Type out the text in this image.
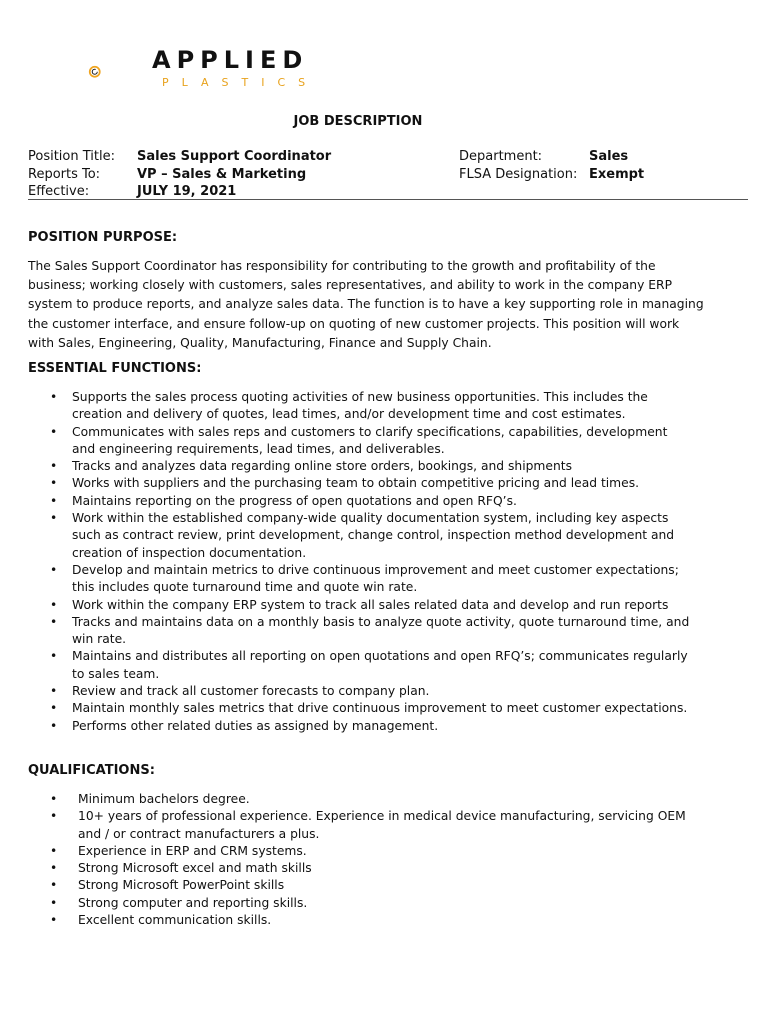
APPLIED
PLASTICS
JOB DESCRIPTION
Position Title:
Reports To:
Effective:
Sales Support Coordinator
VP – Sales & Marketing
JULY 19, 2021
Department:
FLSA Designation:
Sales
Exempt
POSITION PURPOSE:
The Sales Support Coordinator has responsibility for contributing to the growth and profitability of the business; working closely with customers, sales representatives, and ability to work in the company ERP system to produce reports, and analyze sales data. The function is to have a key supporting role in managing the customer interface, and ensure follow-up on quoting of new customer projects. This position will work with Sales, Engineering, Quality, Manufacturing, Finance and Supply Chain.
ESSENTIAL FUNCTIONS:
• Supports the sales process quoting activities of new business opportunities. This includes the creation and delivery of quotes, lead times, and/or development time and cost estimates.
• Communicates with sales reps and customers to clarify specifications, capabilities, development and engineering requirements, lead times, and deliverables.
• Tracks and analyzes data regarding online store orders, bookings, and shipments
• Works with suppliers and the purchasing team to obtain competitive pricing and lead times.
• Maintains reporting on the progress of open quotations and open RFQ’s.
• Work within the established company-wide quality documentation system, including key aspects such as contract review, print development, change control, inspection method development and creation of inspection documentation.
• Develop and maintain metrics to drive continuous improvement and meet customer expectations; this includes quote turnaround time and quote win rate.
• Work within the company ERP system to track all sales related data and develop and run reports
• Tracks and maintains data on a monthly basis to analyze quote activity, quote turnaround time, and win rate.
• Maintains and distributes all reporting on open quotations and open RFQ’s; communicates regularly to sales team.
• Review and track all customer forecasts to company plan.
• Maintain monthly sales metrics that drive continuous improvement to meet customer expectations.
• Performs other related duties as assigned by management.
QUALIFICATIONS:
• Minimum bachelors degree.
• 10+ years of professional experience. Experience in medical device manufacturing, servicing OEM and / or contract manufacturers a plus.
• Experience in ERP and CRM systems.
• Strong Microsoft excel and math skills
• Strong Microsoft PowerPoint skills
• Strong computer and reporting skills.
• Excellent communication skills.
